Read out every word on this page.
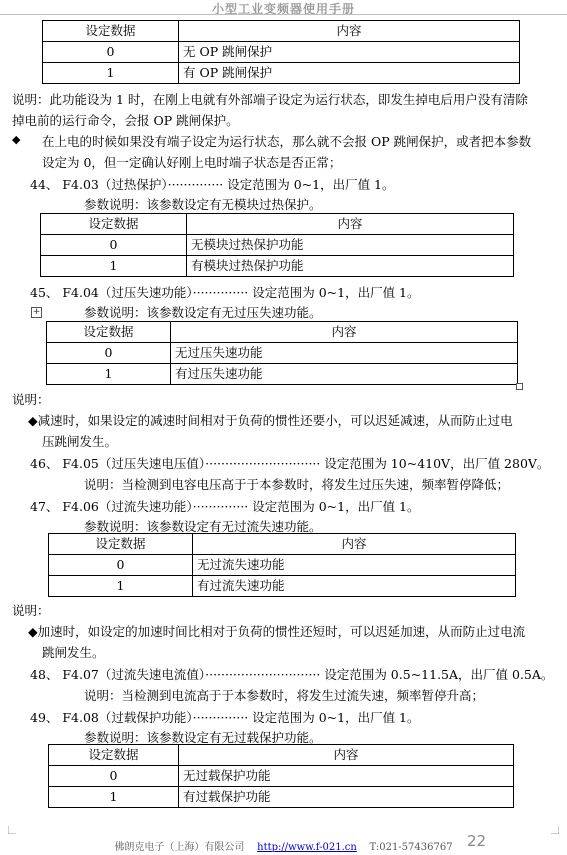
小型工业变频器使用手册
设定数据	内容
0	无 OP 跳闸保护
1	有 OP 跳闸保护
说明：此功能设为 1 时，在刚上电就有外部端子设定为运行状态，即发生掉电后用户没有清除
掉电前的运行命令，会报 OP 跳闸保护。
◆ 在上电的时候如果没有端子设定为运行状态，那么就不会报 OP 跳闸保护，或者把本参数
设定为 0，但一定确认好刚上电时端子状态是否正常；
44、 F4.03（过热保护）·············· 设定范围为 0~1，出厂值 1。
参数说明：该参数设定有无模块过热保护。
设定数据	内容
0	无模块过热保护功能
1	有模块过热保护功能
45、 F4.04（过压失速功能）·············· 设定范围为 0~1，出厂值 1。
+	参数说明：该参数设定有无过压失速功能。
设定数据	内容
0	无过压失速功能
1	有过压失速功能
说明：
◆减速时，如果设定的减速时间相对于负荷的惯性还要小，可以迟延减速，从而防止过电
压跳闸发生。
46、 F4.05（过压失速电压值）····························· 设定范围为 10~410V，出厂值 280V。
说明：当检测到电容电压高于于本参数时，将发生过压失速，频率暂停降低；
47、 F4.06（过流失速功能）·············· 设定范围为 0~1，出厂值 1。
参数说明：该参数设定有无过流失速功能。
设定数据	内容
0	无过流失速功能
1	有过流失速功能
说明：
◆加速时，如设定的加速时间比相对于负荷的惯性还短时，可以迟延加速，从而防止过电流
跳闸发生。
48、 F4.07（过流失速电流值）····························· 设定范围为 0.5~11.5A，出厂值 0.5A。
说明：当检测到电流高于于本参数时，将发生过流失速，频率暂停升高；
49、 F4.08（过载保护功能）·············· 设定范围为 0~1，出厂值 1。
参数说明：该参数设定有无过载保护功能。
设定数据	内容
0	无过载保护功能
1	有过载保护功能
佛朗克电子（上海）有限公司 http://www.f-021.cn T:021-57436767 22
